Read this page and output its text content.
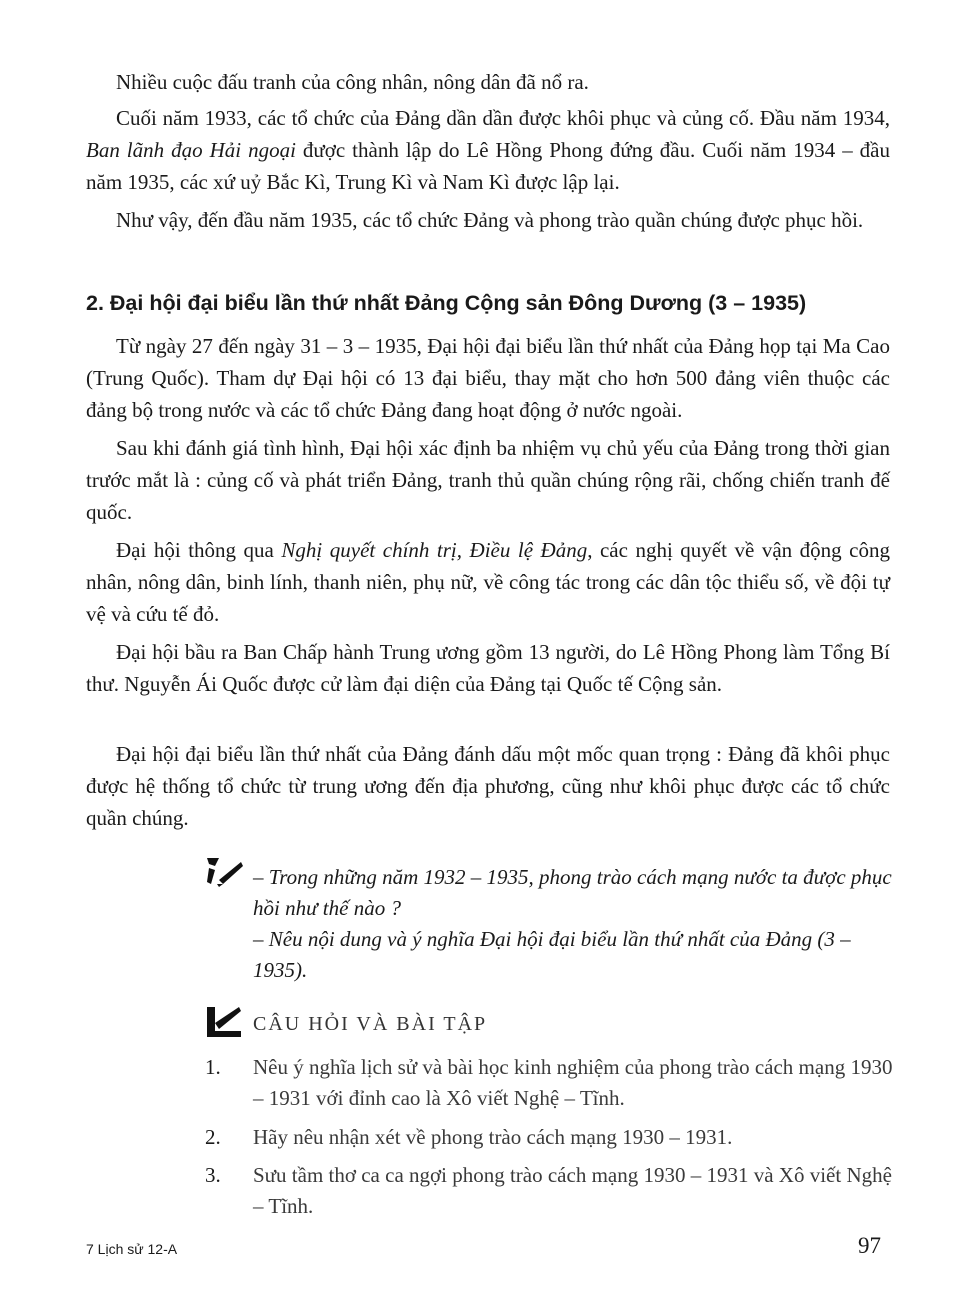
Nhiều cuộc đấu tranh của công nhân, nông dân đã nổ ra.

Cuối năm 1933, các tổ chức của Đảng dần dần được khôi phục và củng cố. Đầu năm 1934, Ban lãnh đạo Hải ngoại được thành lập do Lê Hồng Phong đứng đầu. Cuối năm 1934 – đầu năm 1935, các xứ uỷ Bắc Kì, Trung Kì và Nam Kì được lập lại.

Như vậy, đến đầu năm 1935, các tổ chức Đảng và phong trào quần chúng được phục hồi.

2. Đại hội đại biểu lần thứ nhất Đảng Cộng sản Đông Dương (3 – 1935)

Từ ngày 27 đến ngày 31 – 3 – 1935, Đại hội đại biểu lần thứ nhất của Đảng họp tại Ma Cao (Trung Quốc). Tham dự Đại hội có 13 đại biểu, thay mặt cho hơn 500 đảng viên thuộc các đảng bộ trong nước và các tổ chức Đảng đang hoạt động ở nước ngoài.

Sau khi đánh giá tình hình, Đại hội xác định ba nhiệm vụ chủ yếu của Đảng trong thời gian trước mắt là : củng cố và phát triển Đảng, tranh thủ quần chúng rộng rãi, chống chiến tranh đế quốc.

Đại hội thông qua Nghị quyết chính trị, Điều lệ Đảng, các nghị quyết về vận động công nhân, nông dân, binh lính, thanh niên, phụ nữ, về công tác trong các dân tộc thiểu số, về đội tự vệ và cứu tế đỏ.

Đại hội bầu ra Ban Chấp hành Trung ương gồm 13 người, do Lê Hồng Phong làm Tổng Bí thư. Nguyễn Ái Quốc được cử làm đại diện của Đảng tại Quốc tế Cộng sản.

Đại hội đại biểu lần thứ nhất của Đảng đánh dấu một mốc quan trọng : Đảng đã khôi phục được hệ thống tổ chức từ trung ương đến địa phương, cũng như khôi phục được các tổ chức quần chúng.

– Trong những năm 1932 – 1935, phong trào cách mạng nước ta được phục hồi như thế nào ?

– Nêu nội dung và ý nghĩa Đại hội đại biểu lần thứ nhất của Đảng (3 – 1935).

CÂU HỎI VÀ BÀI TẬP

1. Nêu ý nghĩa lịch sử và bài học kinh nghiệm của phong trào cách mạng 1930 – 1931 với đỉnh cao là Xô viết Nghệ – Tĩnh.

2. Hãy nêu nhận xét về phong trào cách mạng 1930 – 1931.

3. Sưu tầm thơ ca ca ngợi phong trào cách mạng 1930 – 1931 và Xô viết Nghệ – Tĩnh.

7 Lịch sử 12-A	97
